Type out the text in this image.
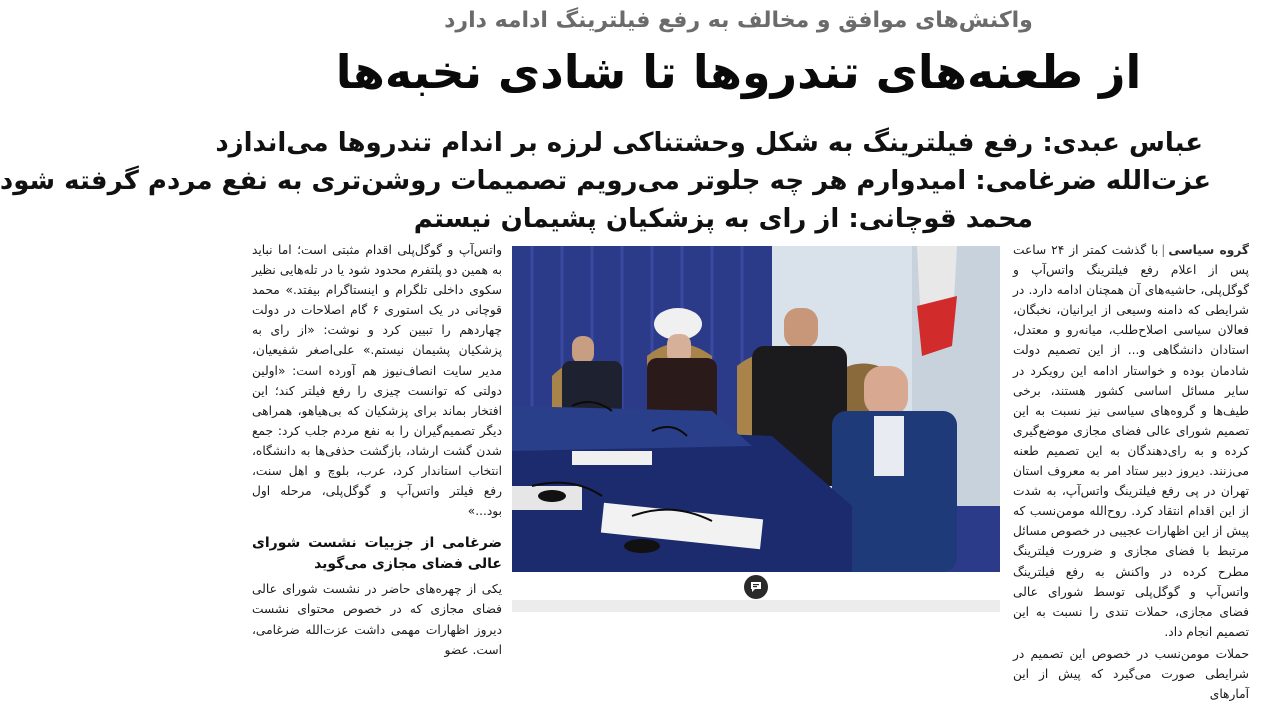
واکنش‌های موافق و مخالف به رفع فیلترینگ ادامه دارد
از طعنه‌های تندروها تا شادی نخبه‌ها
عباس عبدی: رفع فیلترینگ به شکل وحشتناکی لرزه بر اندام تندروها می‌اندازد
عزت‌الله ضرغامی: امیدوارم هر چه جلوتر می‌رویم تصمیمات روشن‌تری به نفع مردم گرفته شود
محمد قوچانی: از رای به پزشکیان پشیمان نیستم
گروه سیاسی|با گذشت کمتر از ۲۴ ساعت پس از اعلام رفع فیلترینگ واتس‌آپ و گوگل‌پلی، حاشیه‌های آن همچنان ادامه دارد. در شرایطی که دامنه وسیعی از ایرانیان، نخبگان، فعالان سیاسی اصلاح‌طلب، میانه‌رو و معتدل، استادان دانشگاهی و... از این تصمیم دولت شادمان بوده و خواستار ادامه این رویکرد در سایر مسائل اساسی کشور هستند، برخی طیف‌ها و گروه‌های سیاسی نیز نسبت به این تصمیم شورای عالی فضای مجازی موضع‌گیری کرده و به رای‌دهندگان به این تصمیم طعنه می‌زنند. دیروز دبیر ستاد امر به معروف استان تهران در پی رفع فیلترینگ واتس‌آپ، به شدت از این اقدام انتقاد کرد. روح‌الله مومن‌نسب که پیش از این اظهارات عجیبی در خصوص مسائل مرتبط با فضای مجازی و ضرورت فیلترینگ مطرح کرده در واکنش به رفع فیلترینگ واتس‌آپ و گوگل‌پلی توسط شورای عالی فضای مجازی، حملات تندی را نسبت به این تصمیم انجام داد.
حملات مومن‌نسب در خصوص این تصمیم در شرایطی صورت می‌گیرد که پیش از این آمارهای
واتس‌آپ و گوگل‌پلی اقدام مثبتی است؛ اما نباید به همین دو پلتفرم محدود شود یا در تله‌هایی نظیر سکوی داخلی تلگرام و اینستاگرام بیفتد.» محمد قوچانی در یک استوری ۶ گام اصلاحات در دولت چهاردهم را تبیین کرد و نوشت: «از رای به پزشکیان پشیمان نیستم.» علی‌اصغر شفیعیان، مدیر سایت انصاف‌نیوز هم آورده است: «اولین دولتی که توانست چیزی را رفع فیلتر کند؛ این افتخار بماند برای پزشکیان که بی‌هیاهو، همراهی دیگر تصمیم‌گیران را به نفع مردم جلب کرد: جمع شدن گشت ارشاد، بازگشت حذفی‌ها به دانشگاه، انتخاب استاندار کرد، عرب، بلوچ و اهل سنت، رفع فیلتر واتس‌آپ و گوگل‌پلی، مرحله اول بود...»
ضرغامی از جزییات نشست شورای عالی فضای مجازی می‌گوید
یکی از چهره‌های حاضر در نشست شورای عالی فضای مجازی که در خصوص محتوای نشست دیروز اظهارات مهمی داشت عزت‌الله ضرغامی، است. عضو
